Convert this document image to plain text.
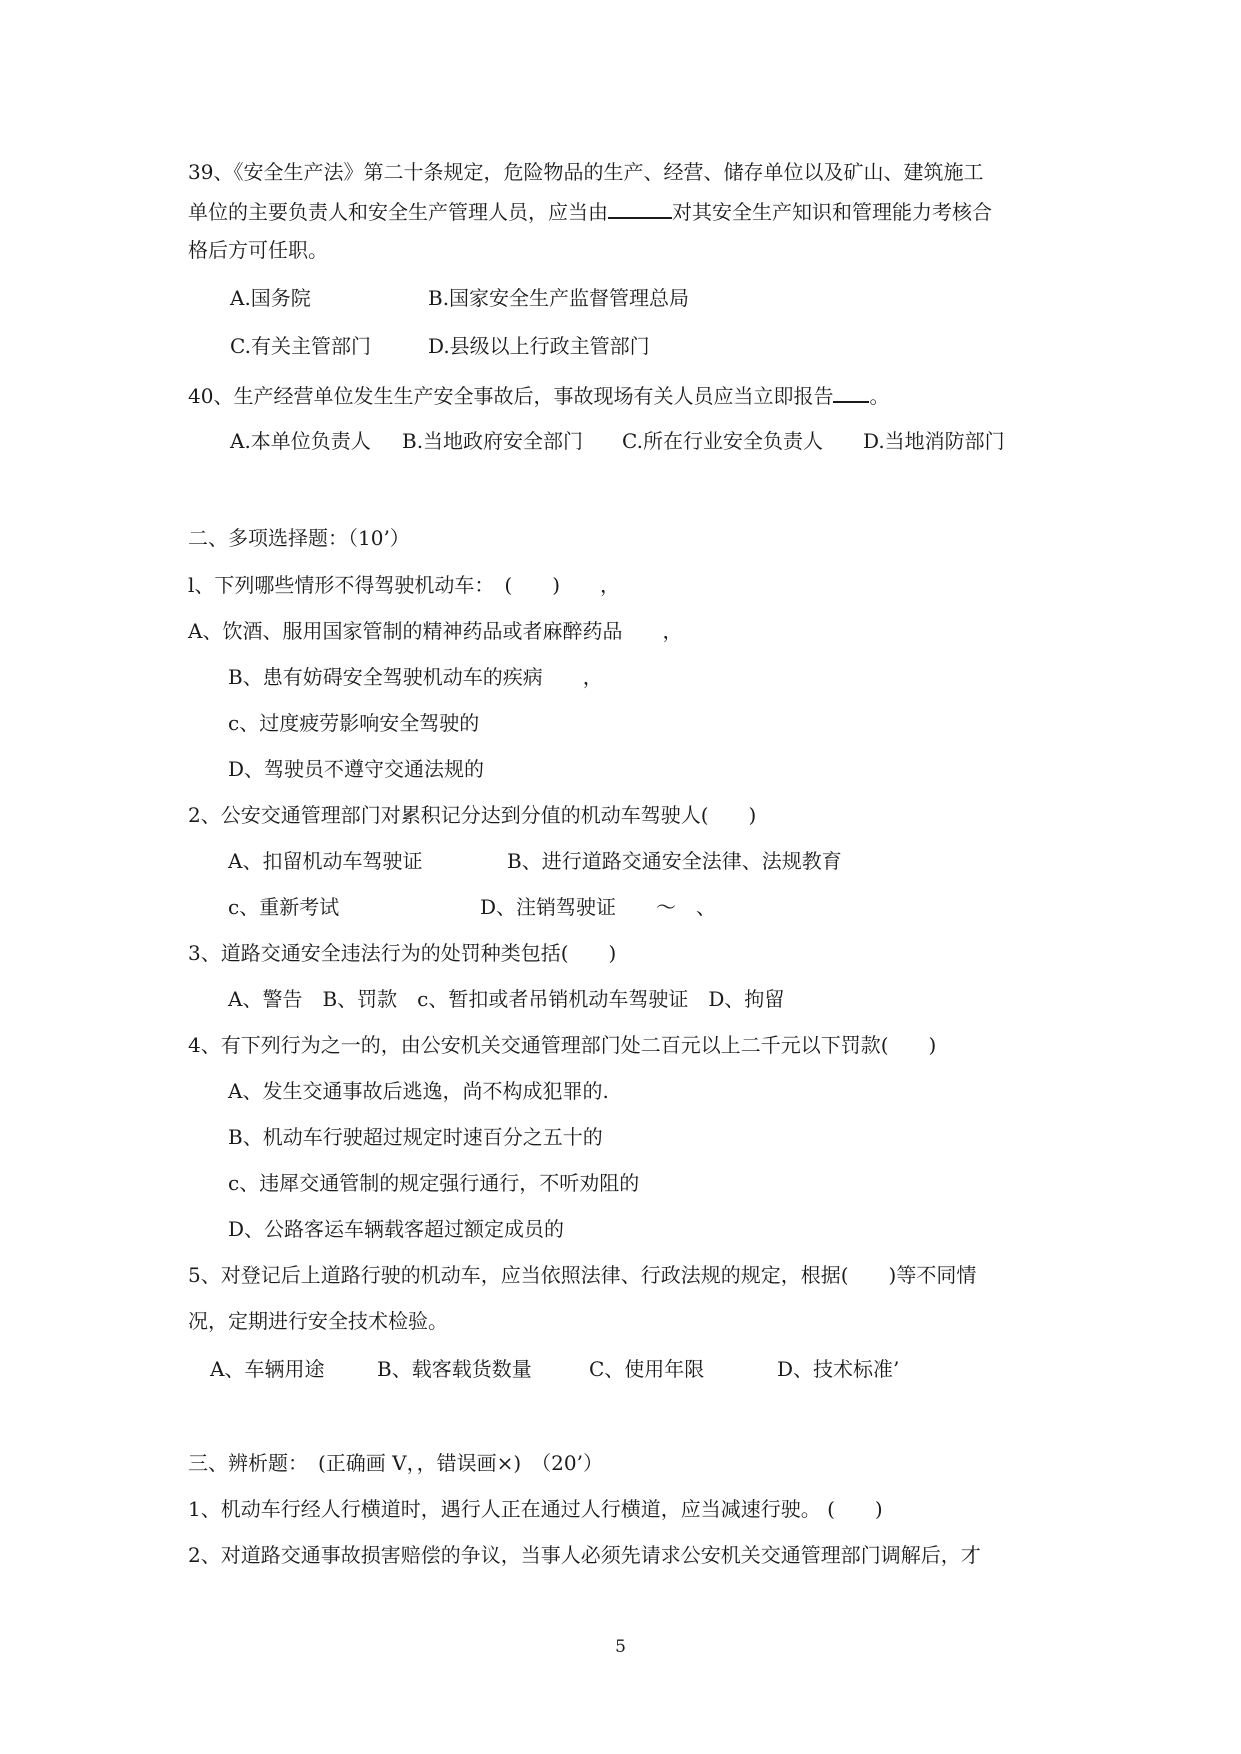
39、《安全生产法》第二十条规定，危险物品的生产、经营、储存单位以及矿山、建筑施工
单位的主要负责人和安全生产管理人员，应当由	对其安全生产知识和管理能力考核合
格后方可任职。
A.国务院	B.国家安全生产监督管理总局
C.有关主管部门	D.县级以上行政主管部门
40、生产经营单位发生生产安全事故后，事故现场有关人员应当立即报告 。
A.本单位负责人 B.当地政府安全部门 C.所在行业安全负责人 D.当地消防部门
二、多项选择题：（10’）
l、下列哪些情形不得驾驶机动车：　(　　)　　，
A、饮酒、服用国家管制的精神药品或者麻醉药品　　，
B、患有妨碍安全驾驶机动车的疾病　　，
c、过度疲劳影响安全驾驶的
D、驾驶员不遵守交通法规的
2、公安交通管理部门对累积记分达到分值的机动车驾驶人(　　)
A、扣留机动车驾驶证	B、进行道路交通安全法律、法规教育
c、重新考试	D、注销驾驶证　　～　、
3、道路交通安全违法行为的处罚种类包括(　　)
A、警告　B、罚款　c、暂扣或者吊销机动车驾驶证　D、拘留
4、有下列行为之一的，由公安机关交通管理部门处二百元以上二千元以下罚款(　　)
A、发生交通事故后逃逸，尚不构成犯罪的.
B、机动车行驶超过规定时速百分之五十的
c、违犀交通管制的规定强行通行，不听劝阻的
D、公路客运车辆载客超过额定成员的
5、对登记后上道路行驶的机动车，应当依照法律、行政法规的规定，根据(　　)等不同情
况，定期进行安全技术检验。
A、车辆用途	B、载客载货数量	C、使用年限	D、技术标准’
三、辨析题：　(正确画 V，，错误画×)　（20’）
1、机动车行经人行横道时，遇行人正在通过人行横道，应当减速行驶。 (　　)
2、对道路交通事故损害赔偿的争议，当事人必须先请求公安机关交通管理部门调解后，才
5
